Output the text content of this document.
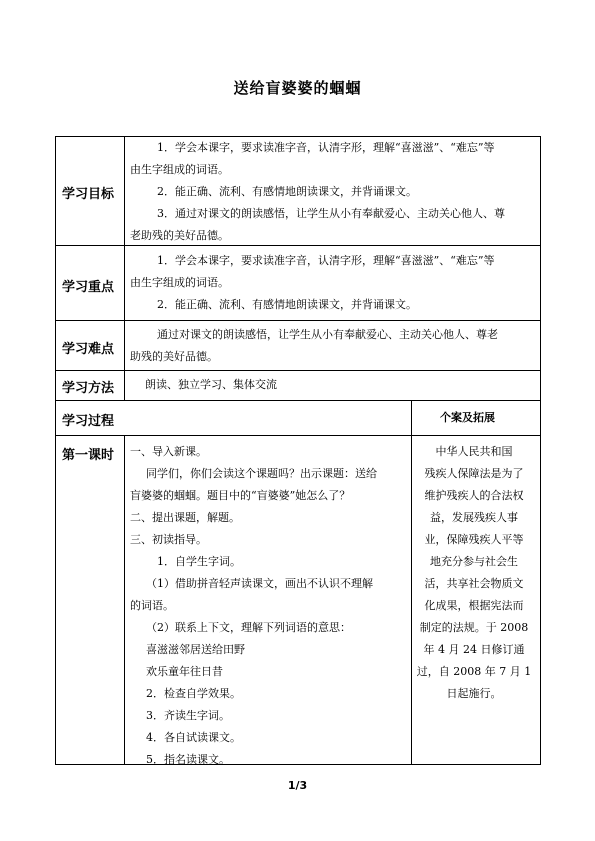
送给盲婆婆的蝈蝈
学习目标
1．学会本课字，要求读准字音，认清字形，理解“喜滋滋”、“难忘”等
由生字组成的词语。
2．能正确、流利、有感情地朗读课文，并背诵课文。
3．通过对课文的朗读感悟，让学生从小有奉献爱心、主动关心他人、尊
老助残的美好品德。
学习重点
1．学会本课字，要求读准字音，认清字形，理解“喜滋滋”、“难忘”等
由生字组成的词语。
2．能正确、流利、有感情地朗读课文，并背诵课文。
学习难点
通过对课文的朗读感悟，让学生从小有奉献爱心、主动关心他人、尊老
助残的美好品德。
学习方法	朗读、独立学习、集体交流
学习过程	个案及拓展
第一课时 一、导入新课。
同学们，你们会读这个课题吗？出示课题：送给
盲婆婆的蝈蝈。题目中的“盲婆婆”她怎么了？
二、提出课题，解题。
三、初读指导。
1．自学生字词。
（1）借助拼音轻声读课文，画出不认识不理解
的词语。
（2）联系上下文，理解下列词语的意思：
喜滋滋邻居送给田野
欢乐童年往日昔
2．检查自学效果。
3．齐读生字词。
4．各自试读课文。
5．指名读课文。
中华人民共和国
残疾人保障法是为了
维护残疾人的合法权
益，发展残疾人事
业，保障残疾人平等
地充分参与社会生
活，共享社会物质文
化成果，根据宪法而
制定的法规。于 2008
年 4 月 24 日修订通
过，自 2008 年 7 月 1
日起施行。
1/3
